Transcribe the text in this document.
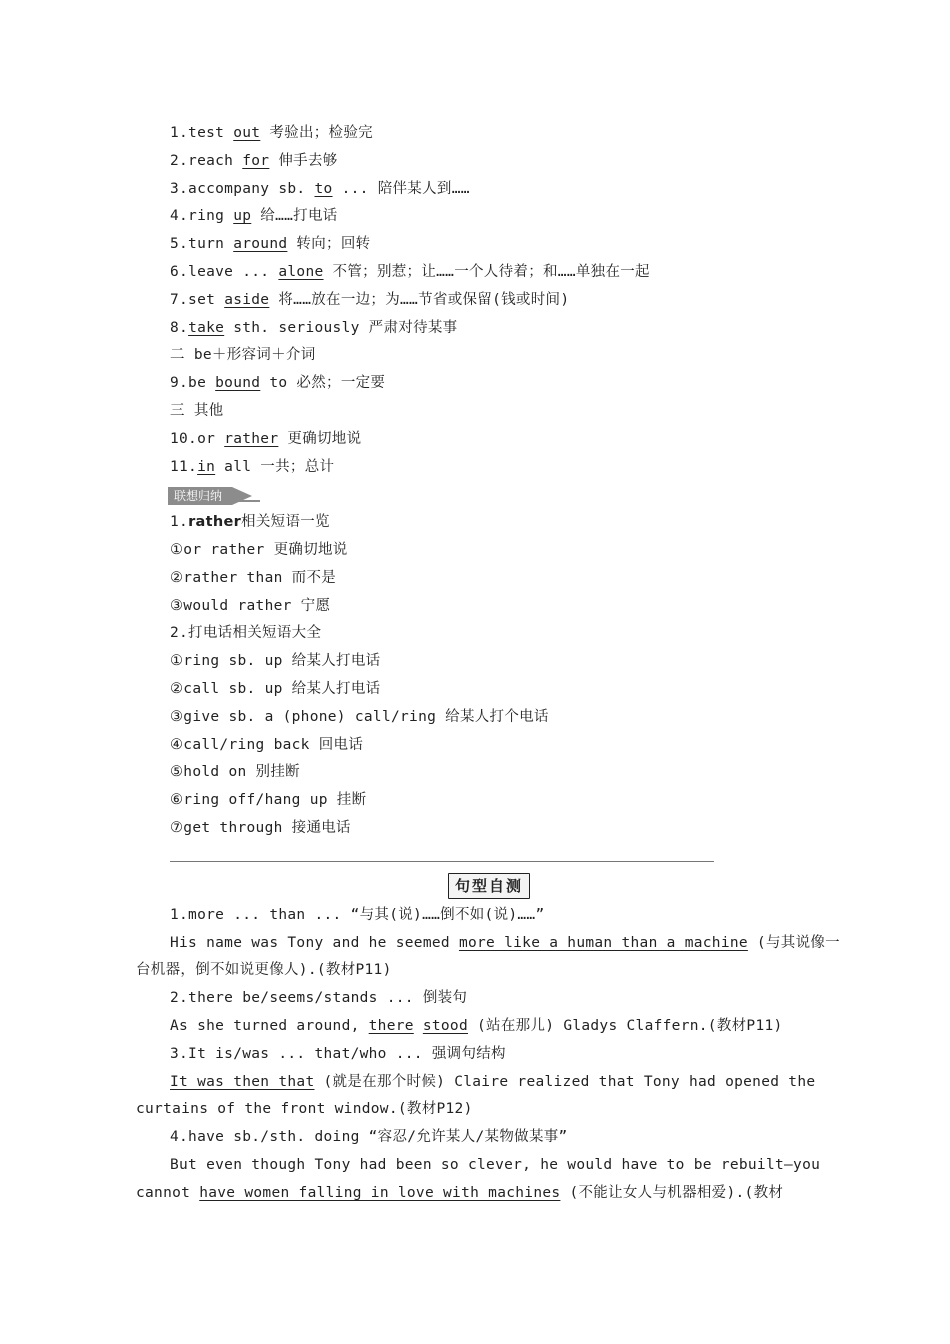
1.test out 考验出；检验完
2.reach for 伸手去够
3.accompany sb. to ... 陪伴某人到……
4.ring up 给……打电话
5.turn around 转向；回转
6.leave ... alone 不管；别惹；让……一个人待着；和……单独在一起
7.set aside 将……放在一边；为……节省或保留(钱或时间)
8.take sth. seriously 严肃对待某事
二 be＋形容词＋介词
9.be bound to 必然；一定要
三 其他
10.or rather 更确切地说
11.in all 一共；总计
联想归纳
1.rather相关短语一览
①or rather 更确切地说
②rather than 而不是
③would rather 宁愿
2.打电话相关短语大全
①ring sb. up 给某人打电话
②call sb. up 给某人打电话
③give sb. a (phone) call/ring 给某人打个电话
④call/ring back 回电话
⑤hold on 别挂断
⑥ring off/hang up 挂断
⑦get through 接通电话
句型自测
1.more ... than ... “与其(说)……倒不如(说)……”
His name was Tony and he seemed more like a human than a machine (与其说像一
台机器，倒不如说更像人).(教材P11)
2.there be/seems/stands ... 倒装句
As she turned around, there stood (站在那儿) Gladys Claffern.(教材P11)
3.It is/was ... that/who ... 强调句结构
It was then that (就是在那个时候) Claire realized that Tony had opened the
curtains of the front window.(教材P12)
4.have sb./sth. doing “容忍/允许某人/某物做某事”
But even though Tony had been so clever, he would have to be rebuilt—you
cannot have women falling in love with machines (不能让女人与机器相爱).(教材
